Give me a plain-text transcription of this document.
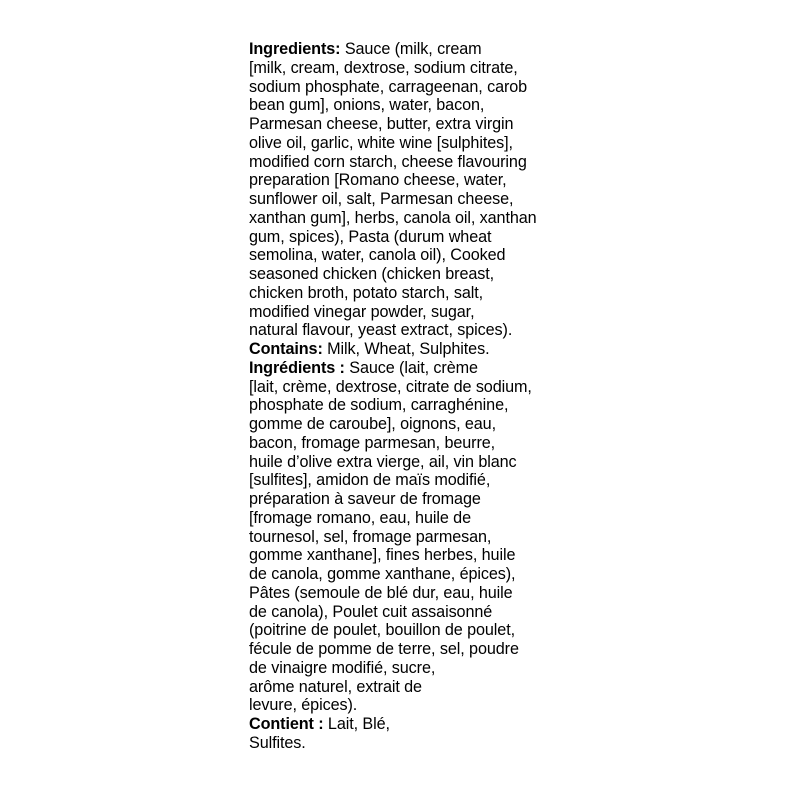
Ingredients: Sauce (milk, cream
[milk, cream, dextrose, sodium citrate,
sodium phosphate, carrageenan, carob
bean gum], onions, water, bacon,
Parmesan cheese, butter, extra virgin
olive oil, garlic, white wine [sulphites],
modified corn starch, cheese flavouring
preparation [Romano cheese, water,
sunflower oil, salt, Parmesan cheese,
xanthan gum], herbs, canola oil, xanthan
gum, spices), Pasta (durum wheat
semolina, water, canola oil), Cooked
seasoned chicken (chicken breast,
chicken broth, potato starch, salt,
modified vinegar powder, sugar,
natural flavour, yeast extract, spices).
Contains: Milk, Wheat, Sulphites.
Ingrédients : Sauce (lait, crème
[lait, crème, dextrose, citrate de sodium,
phosphate de sodium, carraghénine,
gomme de caroube], oignons, eau,
bacon, fromage parmesan, beurre,
huile d’olive extra vierge, ail, vin blanc
[sulfites], amidon de maïs modifié,
préparation à saveur de fromage
[fromage romano, eau, huile de
tournesol, sel, fromage parmesan,
gomme xanthane], fines herbes, huile
de canola, gomme xanthane, épices),
Pâtes (semoule de blé dur, eau, huile
de canola), Poulet cuit assaisonné
(poitrine de poulet, bouillon de poulet,
fécule de pomme de terre, sel, poudre
de vinaigre modifié, sucre,
arôme naturel, extrait de
levure, épices).
Contient : Lait, Blé,
Sulfites.
